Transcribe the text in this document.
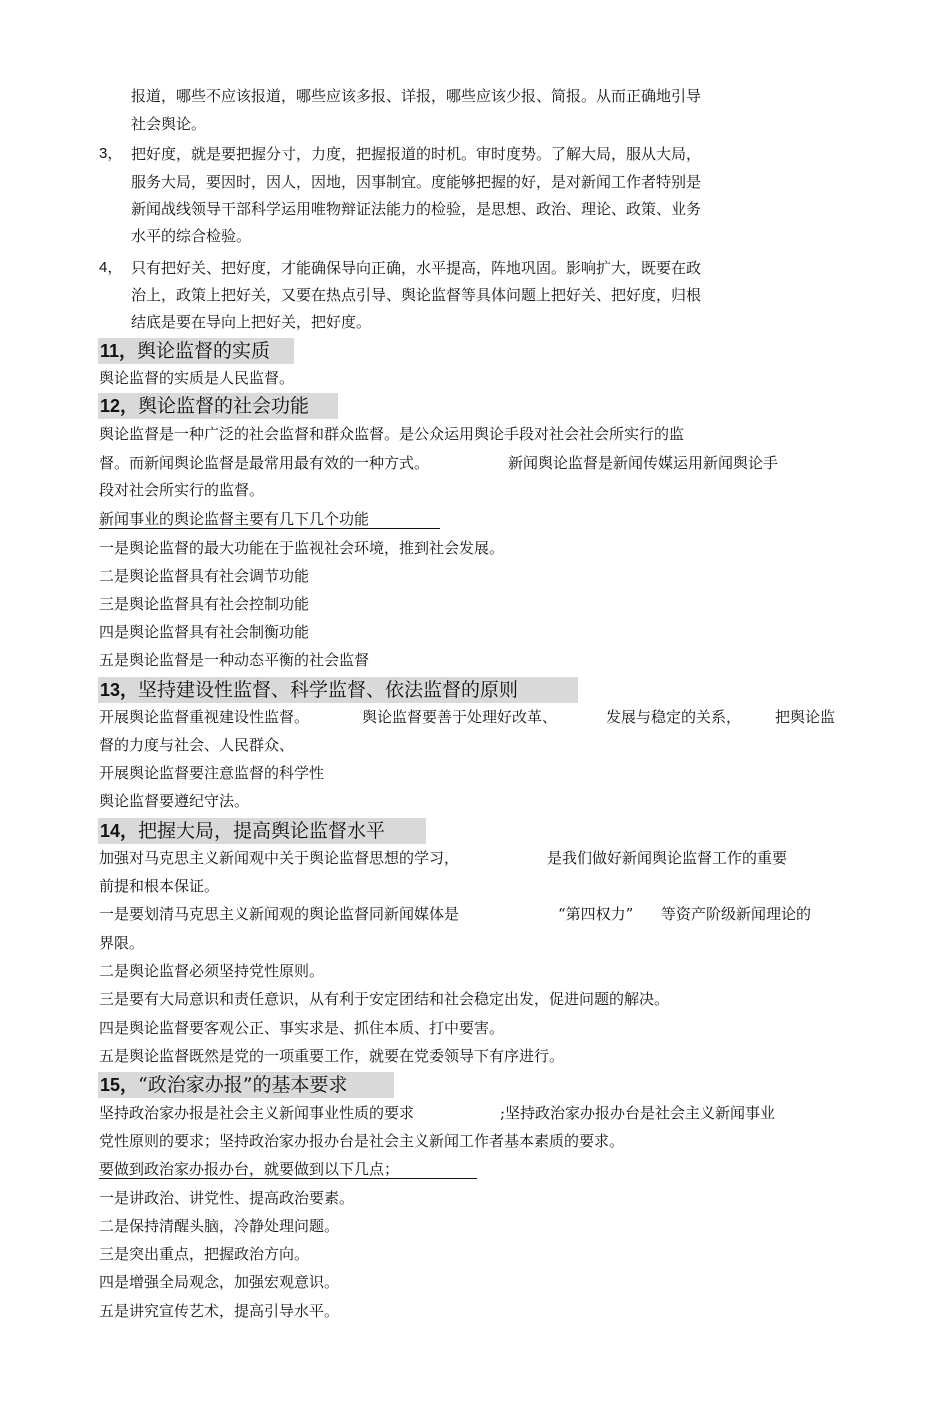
报道，哪些不应该报道，哪些应该多报、详报，哪些应该少报、简报。从而正确地引导
社会舆论。
3， 把好度，就是要把握分寸，力度，把握报道的时机。审时度势。了解大局，服从大局，
服务大局，要因时，因人，因地，因事制宜。度能够把握的好，是对新闻工作者特别是
新闻战线领导干部科学运用唯物辩证法能力的检验，是思想、政治、理论、政策、业务
水平的综合检验。
4， 只有把好关、把好度，才能确保导向正确，水平提高，阵地巩固。影响扩大，既要在政
治上，政策上把好关，又要在热点引导、舆论监督等具体问题上把好关、把好度，归根
结底是要在导向上把好关，把好度。
11，舆论监督的实质
舆论监督的实质是人民监督。
12，舆论监督的社会功能
舆论监督是一种广泛的社会监督和群众监督。是公众运用舆论手段对社会社会所实行的监
督。而新闻舆论监督是最常用最有效的一种方式。	新闻舆论监督是新闻传媒运用新闻舆论手
段对社会所实行的监督。
新闻事业的舆论监督主要有几下几个功能
一是舆论监督的最大功能在于监视社会环境，推到社会发展。
二是舆论监督具有社会调节功能
三是舆论监督具有社会控制功能
四是舆论监督具有社会制衡功能
五是舆论监督是一种动态平衡的社会监督
13，坚持建设性监督、科学监督、依法监督的原则
开展舆论监督重视建设性监督。	舆论监督要善于处理好改革、	发展与稳定的关系， 把舆论监
督的力度与社会、人民群众、
开展舆论监督要注意监督的科学性
舆论监督要遵纪守法。
14，把握大局，提高舆论监督水平
加强对马克思主义新闻观中关于舆论监督思想的学习，	是我们做好新闻舆论监督工作的重要
前提和根本保证。
一是要划清马克思主义新闻观的舆论监督同新闻媒体是	“第四权力” 等资产阶级新闻理论的
界限。
二是舆论监督必须坚持党性原则。
三是要有大局意识和责任意识，从有利于安定团结和社会稳定出发，促进问题的解决。
四是舆论监督要客观公正、事实求是、抓住本质、打中要害。
五是舆论监督既然是党的一项重要工作，就要在党委领导下有序进行。
15，“政治家办报”的基本要求
坚持政治家办报是社会主义新闻事业性质的要求	;坚持政治家办报办台是社会主义新闻事业
党性原则的要求；坚持政治家办报办台是社会主义新闻工作者基本素质的要求。
要做到政治家办报办台，就要做到以下几点；
一是讲政治、讲党性、提高政治要素。
二是保持清醒头脑，冷静处理问题。
三是突出重点，把握政治方向。
四是增强全局观念，加强宏观意识。
五是讲究宣传艺术，提高引导水平。
